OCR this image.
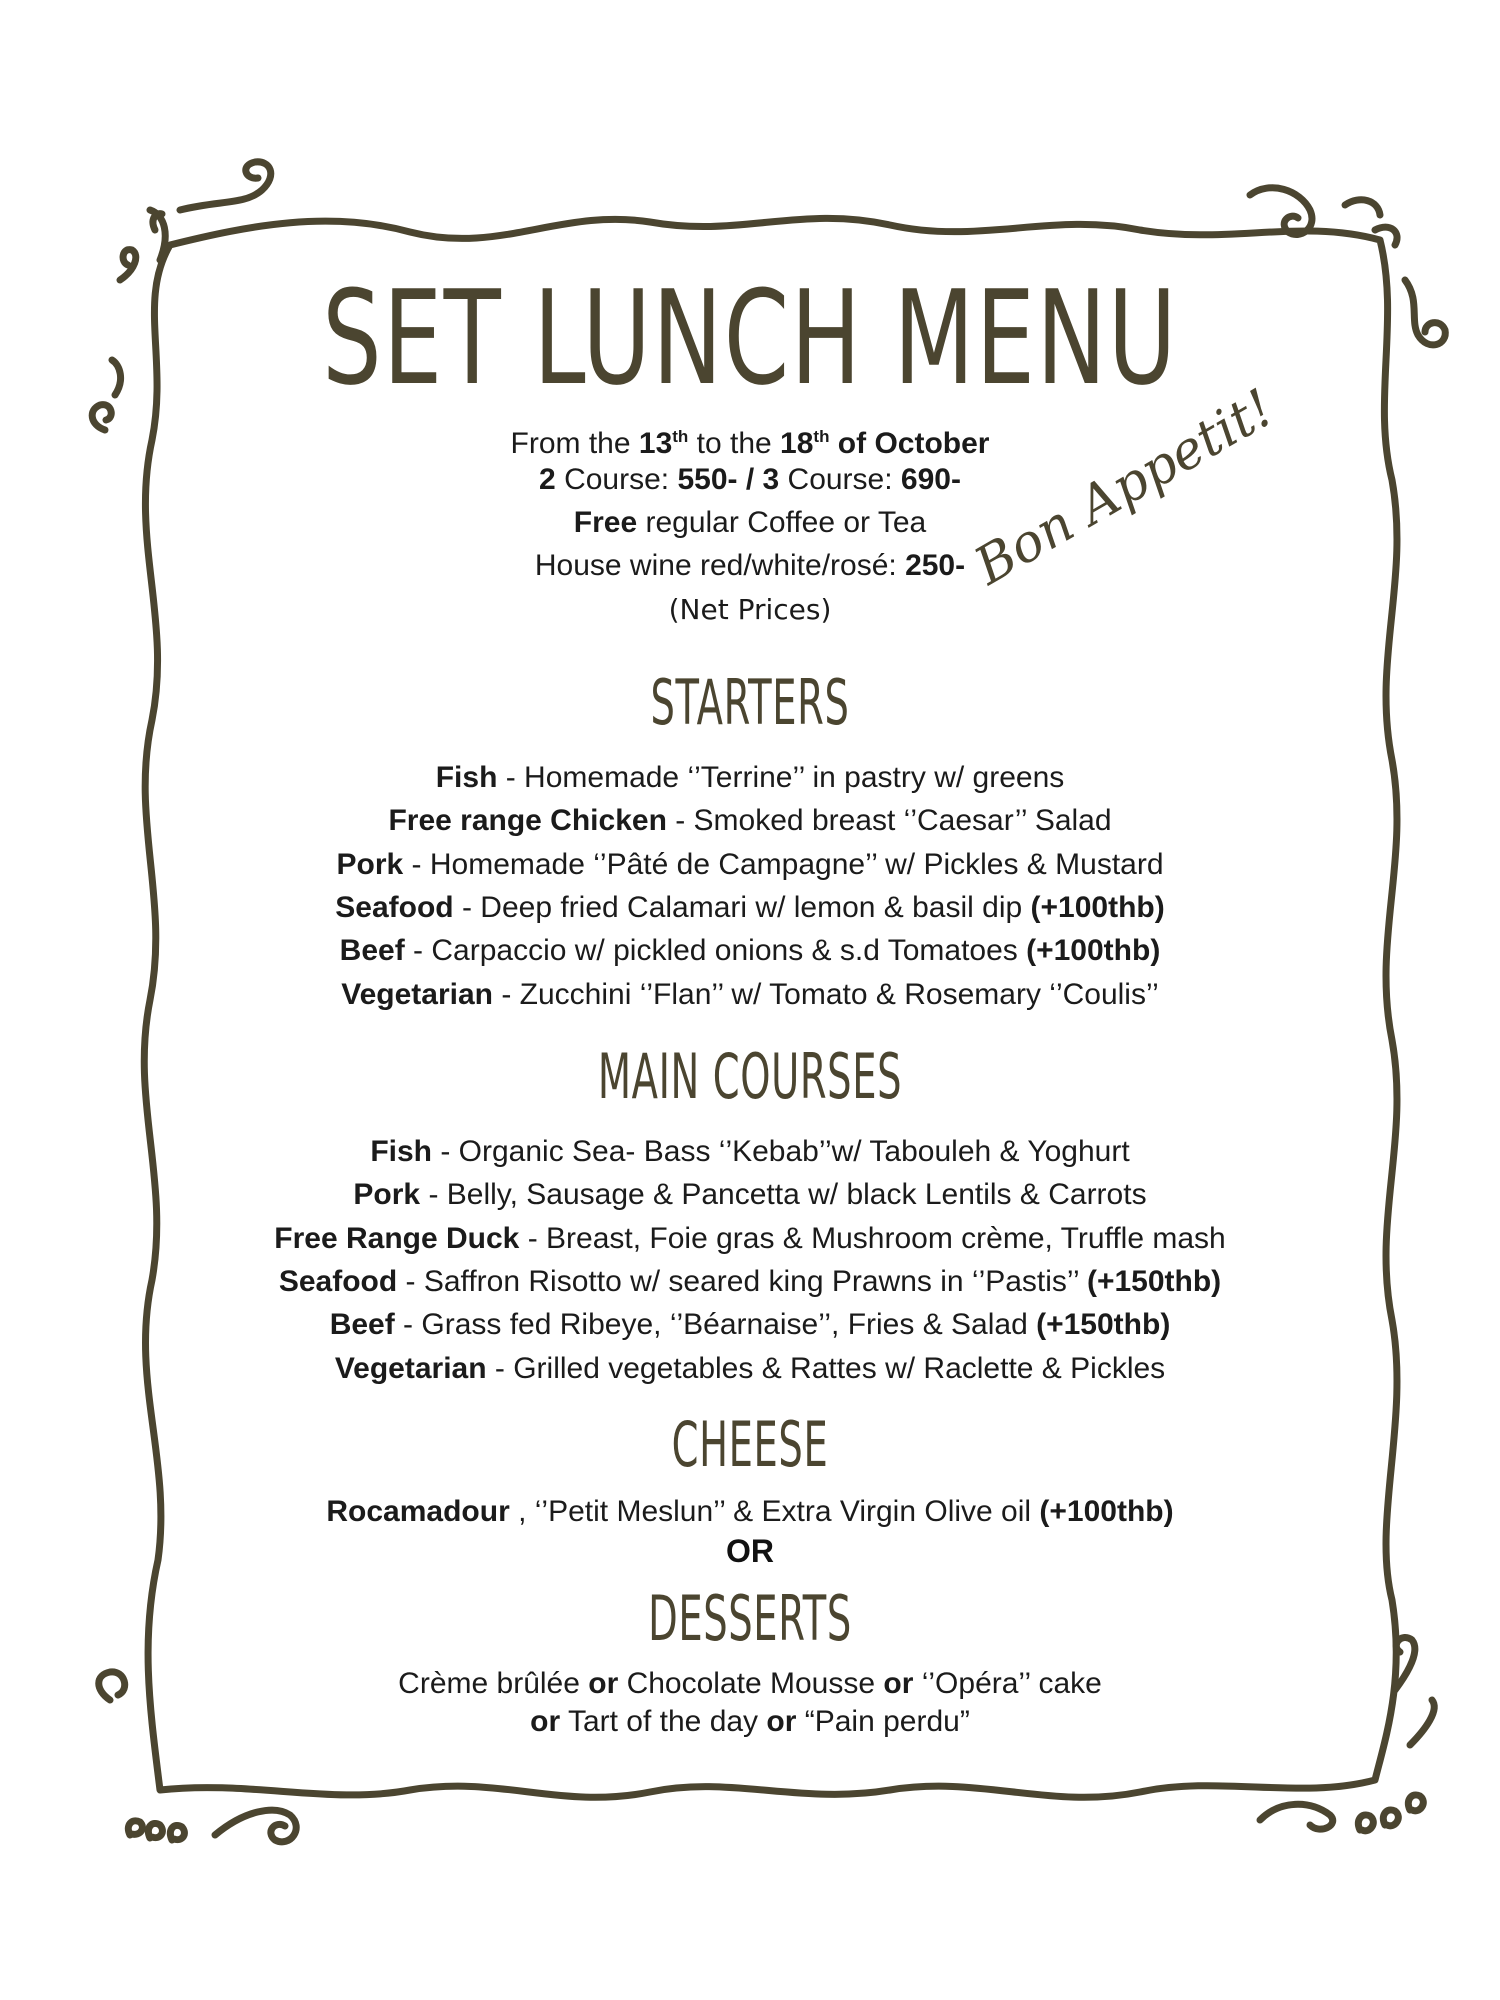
SET LUNCH MENU
From the 13th to the 18th of October
2 Course: 550- / 3 Course: 690-
Free regular Coffee or Tea
House wine red/white/rosé: 250-
(Net Prices)
Bon Appetit!
STARTERS
Fish - Homemade ‘’Terrine’’ in pastry w/ greens
Free range Chicken - Smoked breast ‘’Caesar’’ Salad
Pork - Homemade ‘’Pâté de Campagne’’ w/ Pickles & Mustard
Seafood - Deep fried Calamari w/ lemon & basil dip (+100thb)
Beef - Carpaccio w/ pickled onions & s.d Tomatoes (+100thb)
Vegetarian - Zucchini ‘’Flan’’ w/ Tomato & Rosemary ‘’Coulis’’
MAIN COURSES
Fish - Organic Sea- Bass ‘’Kebab’’w/ Tabouleh & Yoghurt
Pork - Belly, Sausage & Pancetta w/ black Lentils & Carrots
Free Range Duck - Breast, Foie gras & Mushroom crème, Truffle mash
Seafood - Saffron Risotto w/ seared king Prawns in ‘’Pastis’’ (+150thb)
Beef - Grass fed Ribeye, ‘’Béarnaise’’, Fries & Salad (+150thb)
Vegetarian - Grilled vegetables & Rattes w/ Raclette & Pickles
CHEESE
Rocamadour , ‘’Petit Meslun’’ & Extra Virgin Olive oil (+100thb)
OR
DESSERTS
Crème brûlée or Chocolate Mousse or ‘’Opéra’’ cake
or Tart of the day or “Pain perdu”
